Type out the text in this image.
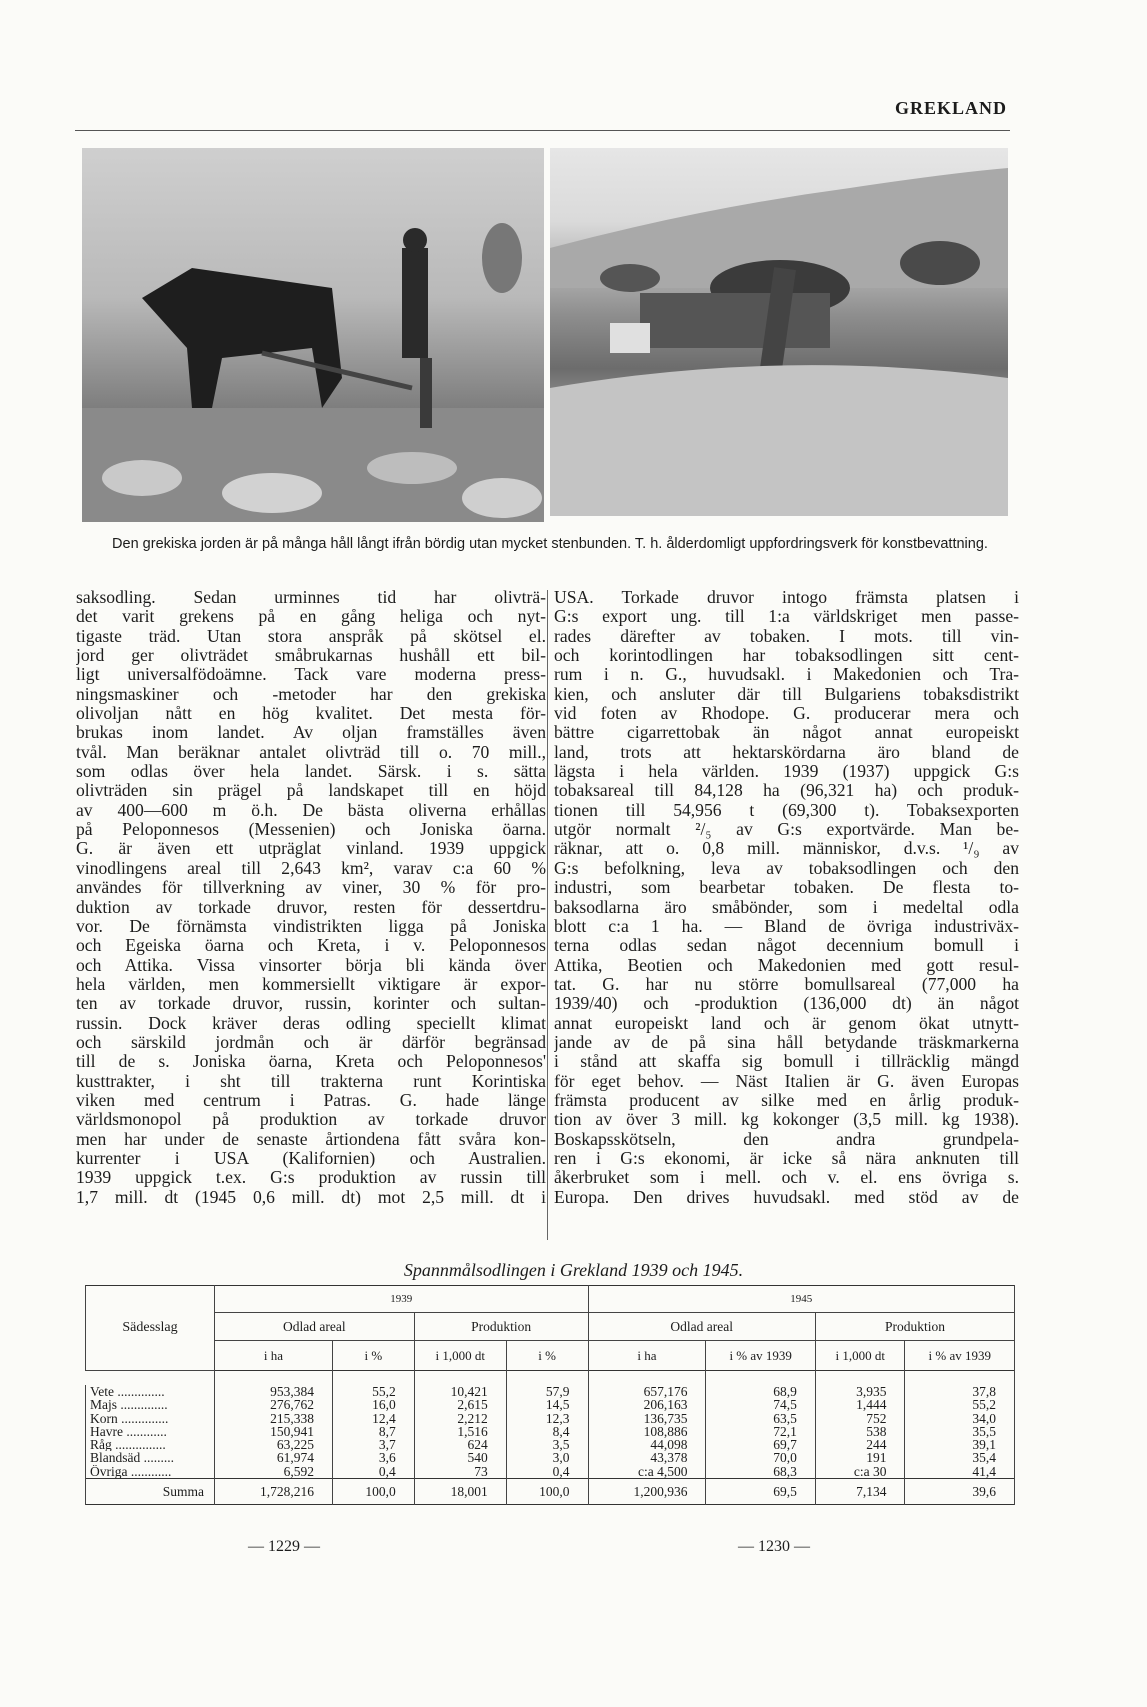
GREKLAND
Den grekiska jorden är på många håll långt ifrån bördig utan mycket stenbunden. T. h. ålderdomligt uppfordringsverk för konstbevattning.
saksodling. Sedan urminnes tid har olivträ-
det varit grekens på en gång heliga och nyt-
tigaste träd. Utan stora anspråk på skötsel el.
jord ger olivträdet småbrukarnas hushåll ett bil-
ligt universalfödoämne. Tack vare moderna press-
ningsmaskiner och -metoder har den grekiska
olivoljan nått en hög kvalitet. Det mesta för-
brukas inom landet. Av oljan framställes även
tvål. Man beräknar antalet olivträd till o. 70 mill.,
som odlas över hela landet. Särsk. i s. sätta
olivträden sin prägel på landskapet till en höjd
av 400—600 m ö.h. De bästa oliverna erhållas
på Peloponnesos (Messenien) och Joniska öarna.
G. är även ett utpräglat vinland. 1939 uppgick
vinodlingens areal till 2,643 km², varav c:a 60 %
användes för tillverkning av viner, 30 % för pro-
duktion av torkade druvor, resten för dessertdru-
vor. De förnämsta vindistrikten ligga på Joniska
och Egeiska öarna och Kreta, i v. Peloponnesos
och Attika. Vissa vinsorter börja bli kända över
hela världen, men kommersiellt viktigare är expor-
ten av torkade druvor, russin, korinter och sultan-
russin. Dock kräver deras odling speciellt klimat
och särskild jordmån och är därför begränsad
till de s. Joniska öarna, Kreta och Peloponnesos'
kusttrakter, i sht till trakterna runt Korintiska
viken med centrum i Patras. G. hade länge
världsmonopol på produktion av torkade druvor
men har under de senaste årtiondena fått svåra kon-
kurrenter i USA (Kalifornien) och Australien.
1939 uppgick t.ex. G:s produktion av russin till
1,7 mill. dt (1945 0,6 mill. dt) mot 2,5 mill. dt i
USA. Torkade druvor intogo främsta platsen i
G:s export ung. till 1:a världskriget men passe-
rades därefter av tobaken. I mots. till vin-
och korintodlingen har tobaksodlingen sitt cent-
rum i n. G., huvudsakl. i Makedonien och Tra-
kien, och ansluter där till Bulgariens tobaksdistrikt
vid foten av Rhodope. G. producerar mera och
bättre cigarrettobak än något annat europeiskt
land, trots att hektarskördarna äro bland de
lägsta i hela världen. 1939 (1937) uppgick G:s
tobaksareal till 84,128 ha (96,321 ha) och produk-
tionen till 54,956 t (69,300 t). Tobaksexporten
utgör normalt ²/₅ av G:s exportvärde. Man be-
räknar, att o. 0,8 mill. människor, d.v.s. ¹/₉ av
G:s befolkning, leva av tobaksodlingen och den
industri, som bearbetar tobaken. De flesta to-
baksodlarna äro småbönder, som i medeltal odla
blott c:a 1 ha. — Bland de övriga industriväx-
terna odlas sedan något decennium bomull i
Attika, Beotien och Makedonien med gott resul-
tat. G. har nu större bomullsareal (77,000 ha
1939/40) och -produktion (136,000 dt) än något
annat europeiskt land och är genom ökat utnytt-
jande av de på sina håll betydande träskmarkerna
i stånd att skaffa sig bomull i tillräcklig mängd
för eget behov. — Näst Italien är G. även Europas
främsta producent av silke med en årlig produk-
tion av över 3 mill. kg kokonger (3,5 mill. kg 1938).
Boskapsskötseln, den andra grundpela-
ren i G:s ekonomi, är icke så nära anknuten till
åkerbruket som i mell. och v. el. ens övriga s.
Europa. Den drives huvudsakl. med stöd av de
Spannmålsodlingen i Grekland 1939 och 1945.
Sädesslag	1939				1945			
	Odlad areal		Produktion		Odlad areal		Produktion	
	i ha	i %	i 1,000 dt	i %	i ha	i % av 1939	i 1,000 dt	i % av 1939

Vete ..............	953,384	55,2	10,421	57,9	657,176	68,9	3,935	37,8
Majs ..............	276,762	16,0	2,615	14,5	206,163	74,5	1,444	55,2
Korn ..............	215,338	12,4	2,212	12,3	136,735	63,5	752	34,0
Havre ............	150,941	8,7	1,516	8,4	108,886	72,1	538	35,5
Råg ...............	63,225	3,7	624	3,5	44,098	69,7	244	39,1
Blandsäd .........	61,974	3,6	540	3,0	43,378	70,0	191	35,4
Övriga ............	6,592	0,4	73	0,4	c:a 4,500	68,3	c:a 30	41,4
Summa	1,728,216	100,0	18,001	100,0	1,200,936	69,5	7,134	39,6
— 1229 —	— 1230 —
